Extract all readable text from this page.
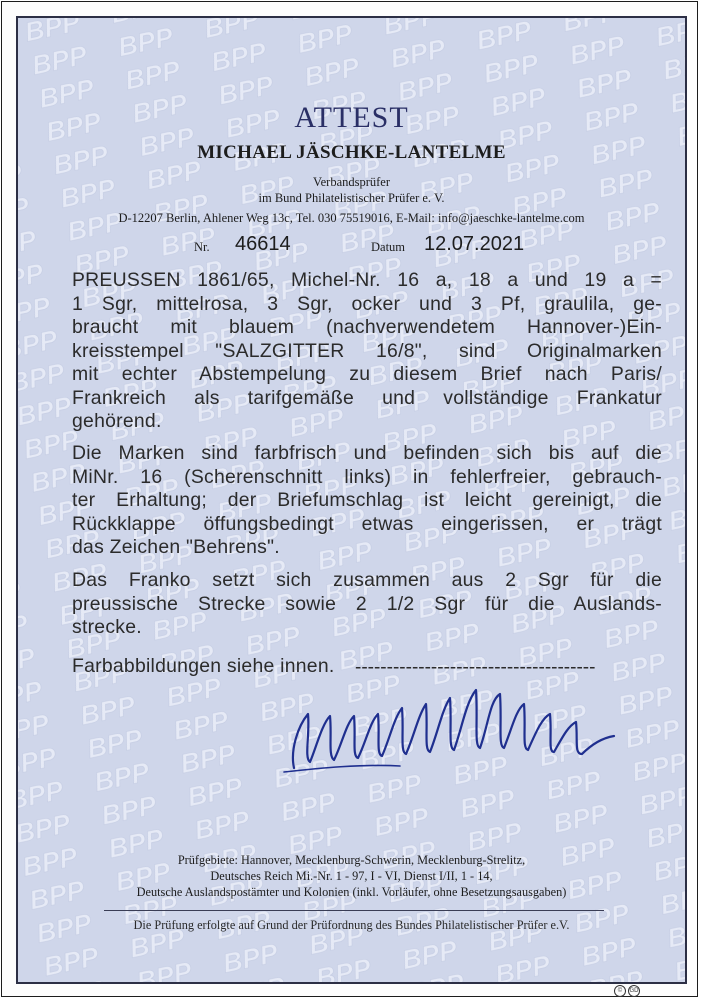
ATTEST
MICHAEL JÄSCHKE-LANTELME
Verbandsprüfer
im Bund Philatelistischer Prüfer e. V.
D-12207 Berlin, Ahlener Weg 13c, Tel. 030 75519016, E-Mail: info@jaeschke-lantelme.com
Nr. 46614	Datum 12.07.2021
PREUSSEN 1861/65, Michel-Nr. 16 a, 18 a und 19 a =
1 Sgr, mittelrosa, 3 Sgr, ocker und 3 Pf, graulila, ge-
braucht mit blauem (nachverwendetem Hannover-)Ein-
kreisstempel "SALZGITTER 16/8", sind Originalmarken
mit echter Abstempelung zu diesem Brief nach Paris/
Frankreich als tarifgemäße und vollständige Frankatur
gehörend.
Die Marken sind farbfrisch und befinden sich bis auf die
MiNr. 16 (Scherenschnitt links) in fehlerfreier, gebrauch-
ter Erhaltung; der Briefumschlag ist leicht gereinigt, die
Rückklappe öffungsbedingt etwas eingerissen, er trägt
das Zeichen "Behrens".
Das Franko setzt sich zusammen aus 2 Sgr für die
preussische Strecke sowie 2 1/2 Sgr für die Auslands-
strecke.
Farbabbildungen siehe innen.	--------------------------------------
Prüfgebiete: Hannover, Mecklenburg-Schwerin, Mecklenburg-Strelitz,
Deutsches Reich Mi.-Nr. 1 - 97, I - VI, Dienst I/II, 1 - 14,
Deutsche Auslandspostämter und Kolonien (inkl. Vorläufer, ohne Besetzungsausgaben)
Die Prüfung erfolgte auf Grund der Prüfordnung des Bundes Philatelistischer Prüfer e.V.
© GD
